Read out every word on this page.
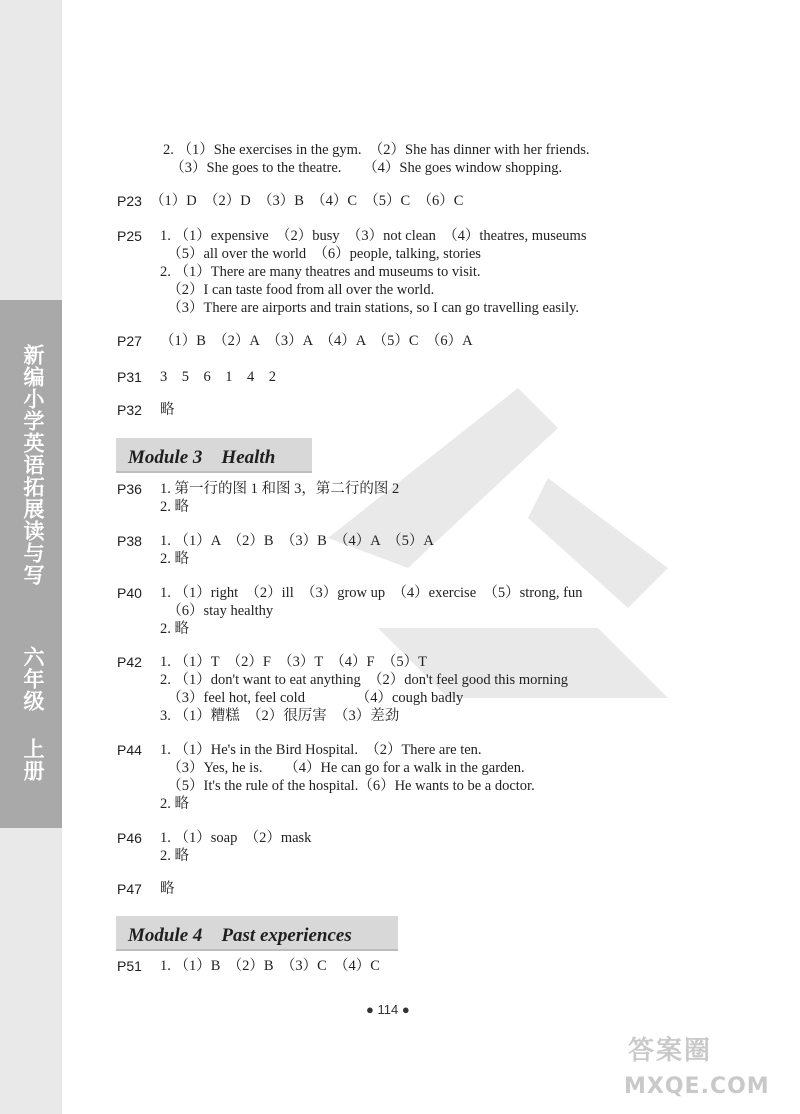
新编小学英语拓展读与写
六年级
上册
2. （1）She exercises in the gym.　（2）She has dinner with her friends.
　（3）She goes to the theatre.　　（4）She goes window shopping.
P23 （1）D　（2）D　（3）B　（4）C　（5）C　（6）C
P25 1. （1）expensive　（2）busy　（3）not clean　（4）theatres, museums
　（5）all over the world　（6）people, talking, stories
2. （1）There are many theatres and museums to visit.
　（2）I can taste food from all over the world.
　（3）There are airports and train stations, so I can go travelling easily.
P27 （1）B　（2）A　（3）A　（4）A　（5）C　（6）A
P31 3　5　6　1　4　2
P32 略
Module 3　Health
P36 1. 第一行的图 1 和图 3，第二行的图 2
2. 略
P38 1. （1）A　（2）B　（3）B　（4）A　（5）A
2. 略
P40 1. （1）right　（2）ill　（3）grow up　（4）exercise　（5）strong, fun
　（6）stay healthy
2. 略
P42 1. （1）T　（2）F　（3）T　（4）F　（5）T
2. （1）don't want to eat anything　（2）don't feel good this morning
　（3）feel hot, feel cold　　　　（4）cough badly
3. （1）糟糕　（2）很厉害　（3）差劲
P44 1. （1）He's in the Bird Hospital.　（2）There are ten.
　（3）Yes, he is.　　（4）He can go for a walk in the garden.
　（5）It's the rule of the hospital.（6）He wants to be a doctor.
2. 略
P46 1. （1）soap　（2）mask
2. 略
P47 略
Module 4　Past experiences
P51 1. （1）B　（2）B　（3）C　（4）C
● 114 ●
答案圈
MXQE.COM
